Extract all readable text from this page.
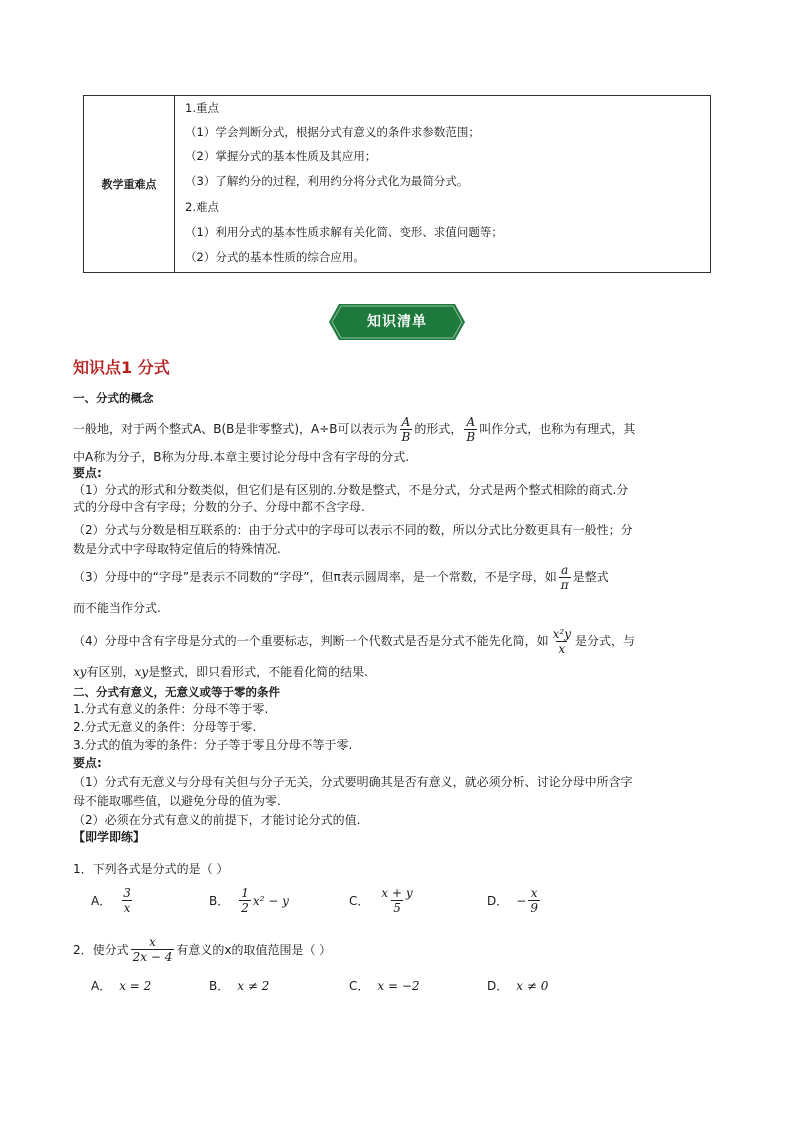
教学重难点
1.重点
（1）学会判断分式，根据分式有意义的条件求参数范围；
（2）掌握分式的基本性质及其应用；
（3）了解约分的过程，利用约分将分式化为最简分式。
2.难点
（1）利用分式的基本性质求解有关化简、变形、求值问题等；
（2）分式的基本性质的综合应用。
知识清单
知识点1 分式
一、分式的概念
一般地，对于两个整式A、B(B是非零整式)，A÷B可以表示为 $\frac{A}{B}$ 的形式， $\frac{A}{B}$ 叫作分式，也称为有理式，其
中A称为分子，B称为分母.本章主要讨论分母中含有字母的分式.
要点:
（1）分式的形式和分数类似，但它们是有区别的.分数是整式，不是分式，分式是两个整式相除的商式.分
式的分母中含有字母；分数的分子、分母中都不含字母.
（2）分式与分数是相互联系的：由于分式中的字母可以表示不同的数，所以分式比分数更具有一般性；分
数是分式中字母取特定值后的特殊情况.
（3）分母中的“字母”是表示不同数的“字母”，但π表示圆周率，是一个常数，不是字母，如 $\frac{a}{\pi}$ 是整式
而不能当作分式.
（4）分母中含有字母是分式的一个重要标志，判断一个代数式是否是分式不能先化简，如 $\frac{\text{x²y}}{x}$ 是分式，与
xy有区别，xy是整式，即只看形式，不能看化简的结果.
二、分式有意义，无意义或等于零的条件
1.分式有意义的条件：分母不等于零.
2.分式无意义的条件：分母等于零.
3.分式的值为零的条件：分子等于零且分母不等于零.
要点:
（1）分式有无意义与分母有关但与分子无关，分式要明确其是否有意义，就必须分析、讨论分母中所含字
母不能取哪些值，以避免分母的值为零.
（2）必须在分式有意义的前提下，才能讨论分式的值.
【即学即练】
1．下列各式是分式的是（ ）
A． $\frac{3}{x}$	B． $\frac{1}{2} x^2 - y$	C． $\frac{x + y}{5}$	D． − $\frac{x}{9}$
2．使分式 $\frac{x}{2x - 4}$ 有意义的x的取值范围是（ ）
A． x = 2	B． x ≠ 2	C． x = −2	D． x ≠ 0
